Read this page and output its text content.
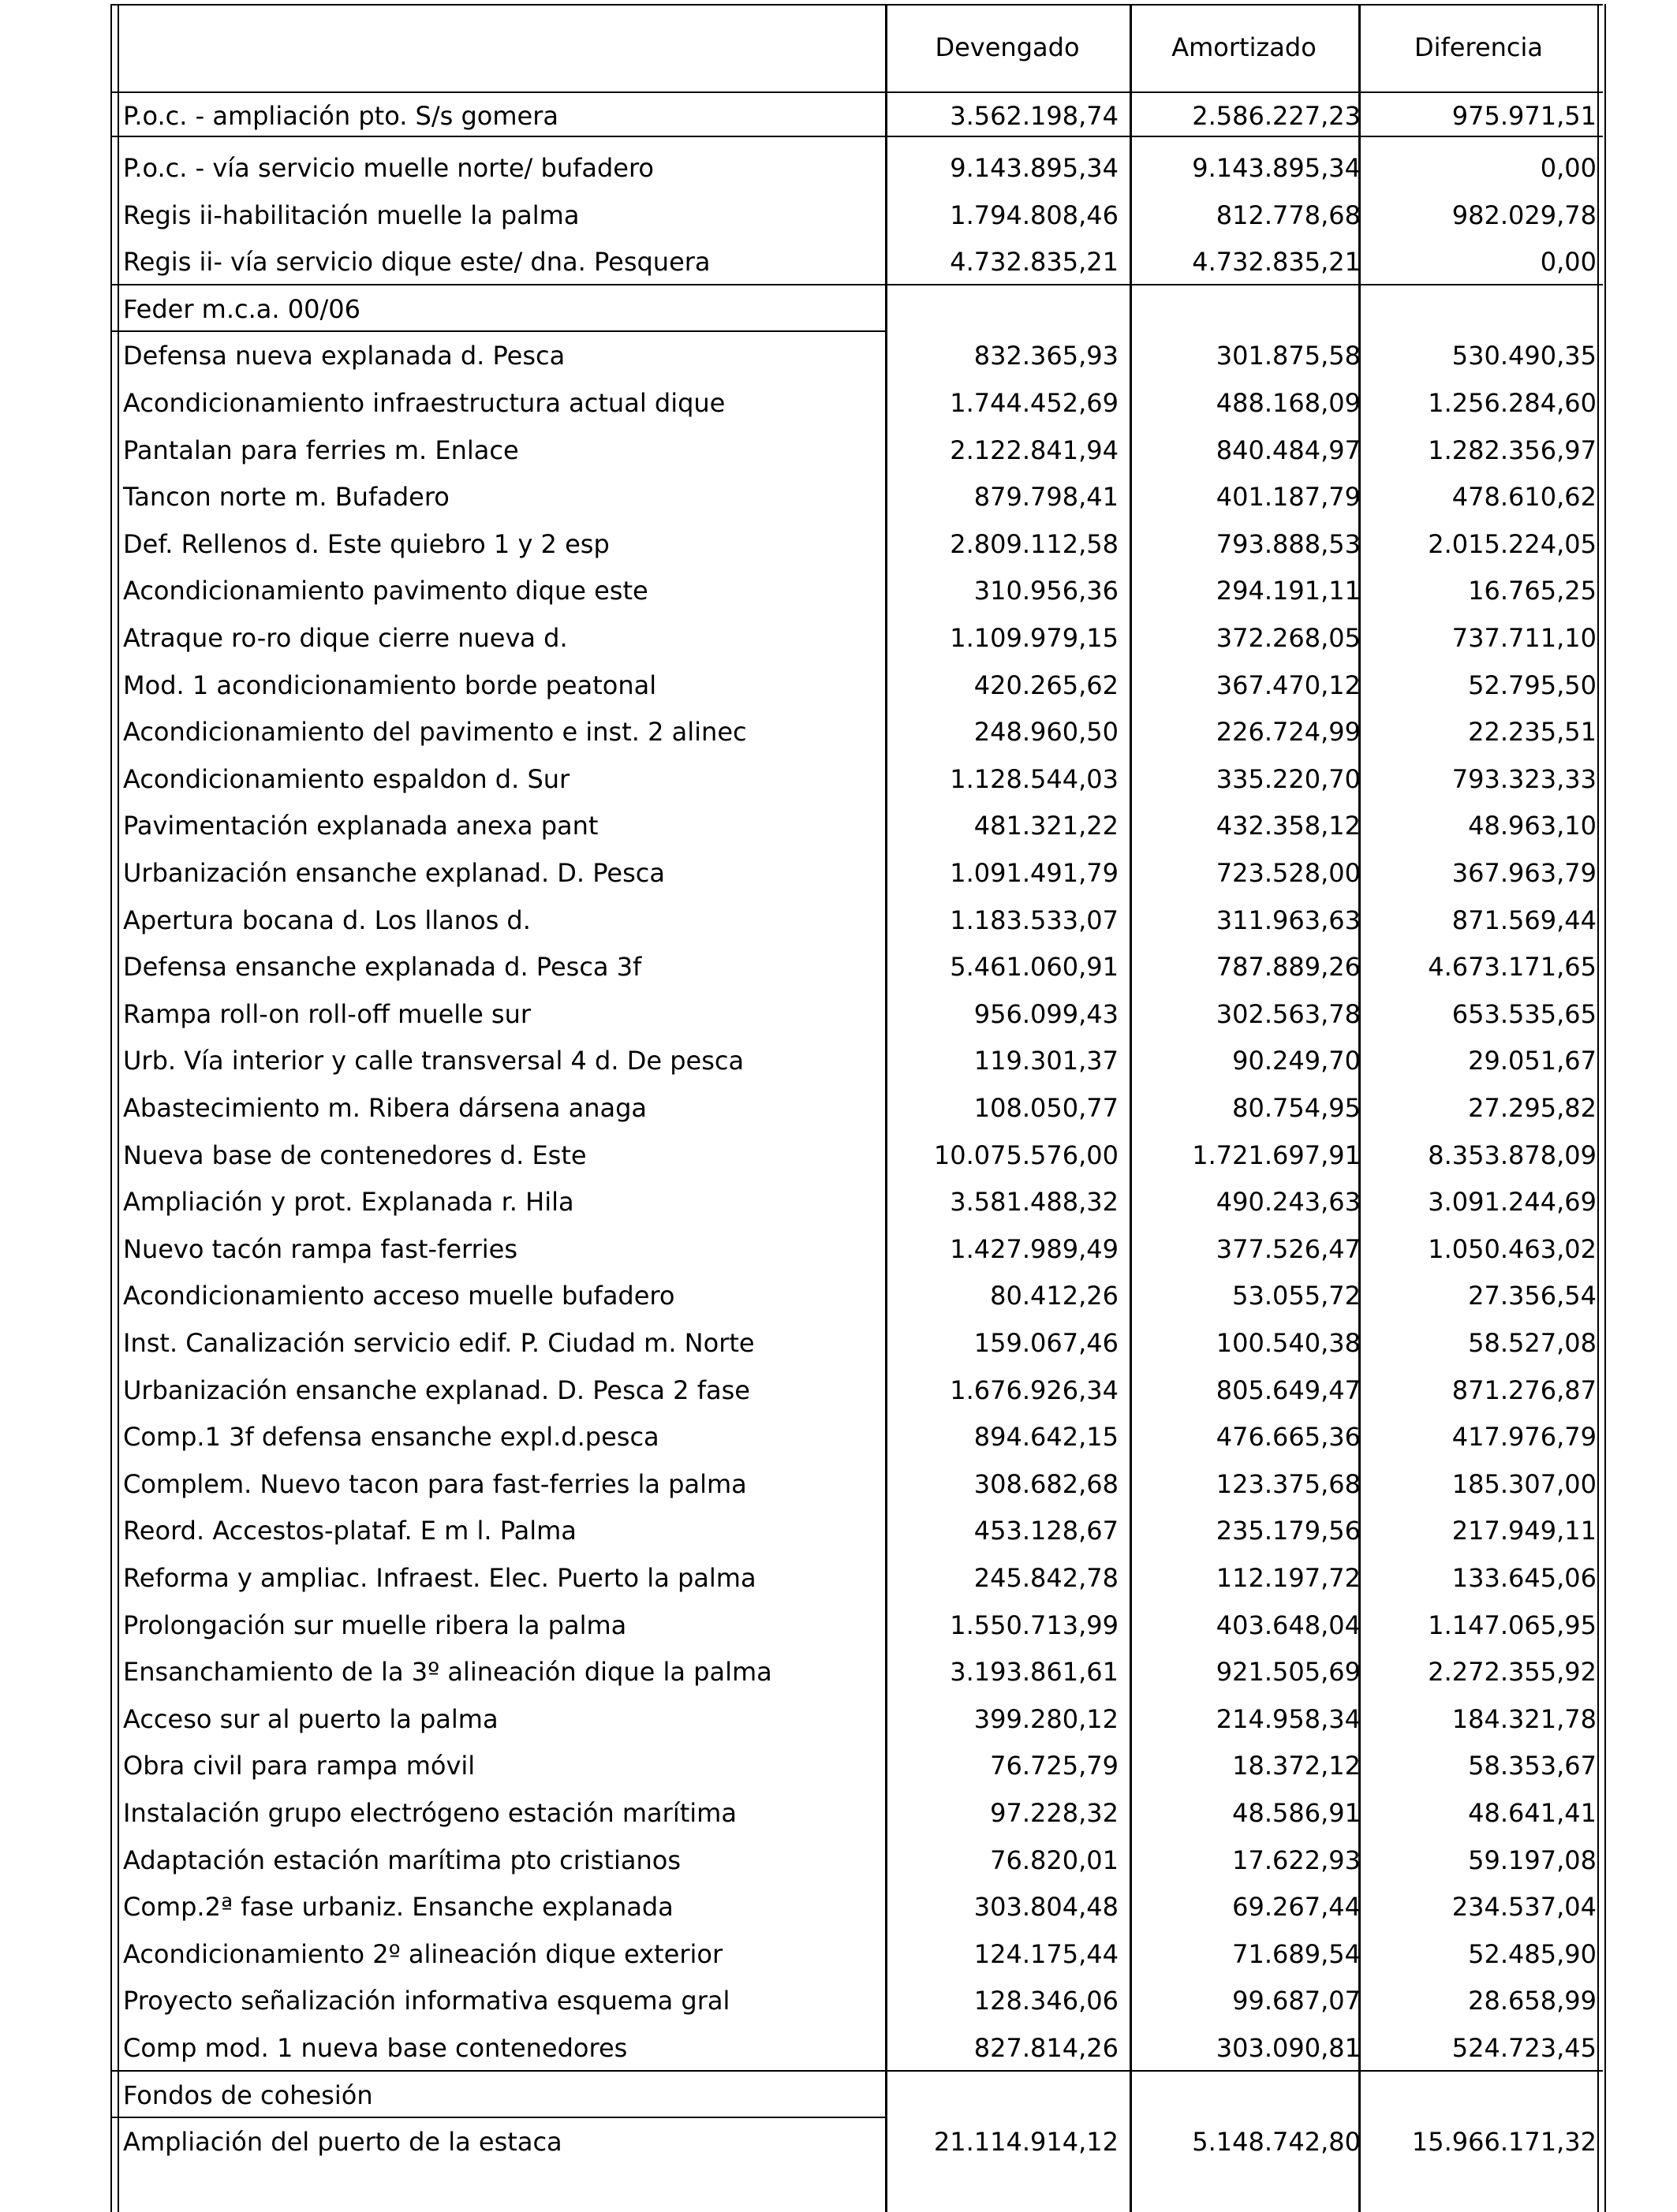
Devengado	Amortizado	Diferencia
P.o.c. - ampliación pto. S/s gomera	3.562.198,74	2.586.227,23	975.971,51
P.o.c. - vía servicio muelle norte/ bufadero	9.143.895,34	9.143.895,34	0,00
Regis ii-habilitación muelle la palma	1.794.808,46	812.778,68	982.029,78
Regis ii- vía servicio dique este/ dna. Pesquera	4.732.835,21	4.732.835,21	0,00
Feder m.c.a. 00/06
Defensa nueva explanada d. Pesca	832.365,93	301.875,58	530.490,35
Acondicionamiento infraestructura actual dique	1.744.452,69	488.168,09	1.256.284,60
Pantalan para ferries m. Enlace	2.122.841,94	840.484,97	1.282.356,97
Tancon norte m. Bufadero	879.798,41	401.187,79	478.610,62
Def. Rellenos d. Este quiebro 1 y 2 esp	2.809.112,58	793.888,53	2.015.224,05
Acondicionamiento pavimento dique este	310.956,36	294.191,11	16.765,25
Atraque ro-ro dique cierre nueva d.	1.109.979,15	372.268,05	737.711,10
Mod. 1 acondicionamiento borde peatonal	420.265,62	367.470,12	52.795,50
Acondicionamiento del pavimento e inst. 2 alinec	248.960,50	226.724,99	22.235,51
Acondicionamiento espaldon d. Sur	1.128.544,03	335.220,70	793.323,33
Pavimentación explanada anexa pant	481.321,22	432.358,12	48.963,10
Urbanización ensanche explanad. D. Pesca	1.091.491,79	723.528,00	367.963,79
Apertura bocana d. Los llanos d.	1.183.533,07	311.963,63	871.569,44
Defensa ensanche explanada d. Pesca 3f	5.461.060,91	787.889,26	4.673.171,65
Rampa roll-on roll-off muelle sur	956.099,43	302.563,78	653.535,65
Urb. Vía interior y calle transversal 4 d. De pesca	119.301,37	90.249,70	29.051,67
Abastecimiento m. Ribera dársena anaga	108.050,77	80.754,95	27.295,82
Nueva base de contenedores d. Este	10.075.576,00	1.721.697,91	8.353.878,09
Ampliación y prot. Explanada r. Hila	3.581.488,32	490.243,63	3.091.244,69
Nuevo tacón rampa fast-ferries	1.427.989,49	377.526,47	1.050.463,02
Acondicionamiento acceso muelle bufadero	80.412,26	53.055,72	27.356,54
Inst. Canalización servicio edif. P. Ciudad m. Norte	159.067,46	100.540,38	58.527,08
Urbanización ensanche explanad. D. Pesca 2 fase	1.676.926,34	805.649,47	871.276,87
Comp.1 3f defensa ensanche expl.d.pesca	894.642,15	476.665,36	417.976,79
Complem. Nuevo tacon para fast-ferries la palma	308.682,68	123.375,68	185.307,00
Reord. Accestos-plataf. E m l. Palma	453.128,67	235.179,56	217.949,11
Reforma y ampliac. Infraest. Elec. Puerto la palma	245.842,78	112.197,72	133.645,06
Prolongación sur muelle ribera la palma	1.550.713,99	403.648,04	1.147.065,95
Ensanchamiento de la 3º alineación dique la palma	3.193.861,61	921.505,69	2.272.355,92
Acceso sur al puerto la palma	399.280,12	214.958,34	184.321,78
Obra civil para rampa móvil	76.725,79	18.372,12	58.353,67
Instalación grupo electrógeno estación marítima	97.228,32	48.586,91	48.641,41
Adaptación estación marítima pto cristianos	76.820,01	17.622,93	59.197,08
Comp.2ª fase urbaniz. Ensanche explanada	303.804,48	69.267,44	234.537,04
Acondicionamiento 2º alineación dique exterior	124.175,44	71.689,54	52.485,90
Proyecto señalización informativa esquema gral	128.346,06	99.687,07	28.658,99
Comp mod. 1 nueva base contenedores	827.814,26	303.090,81	524.723,45
Fondos de cohesión
Ampliación del puerto de la estaca	21.114.914,12	5.148.742,80	15.966.171,32
